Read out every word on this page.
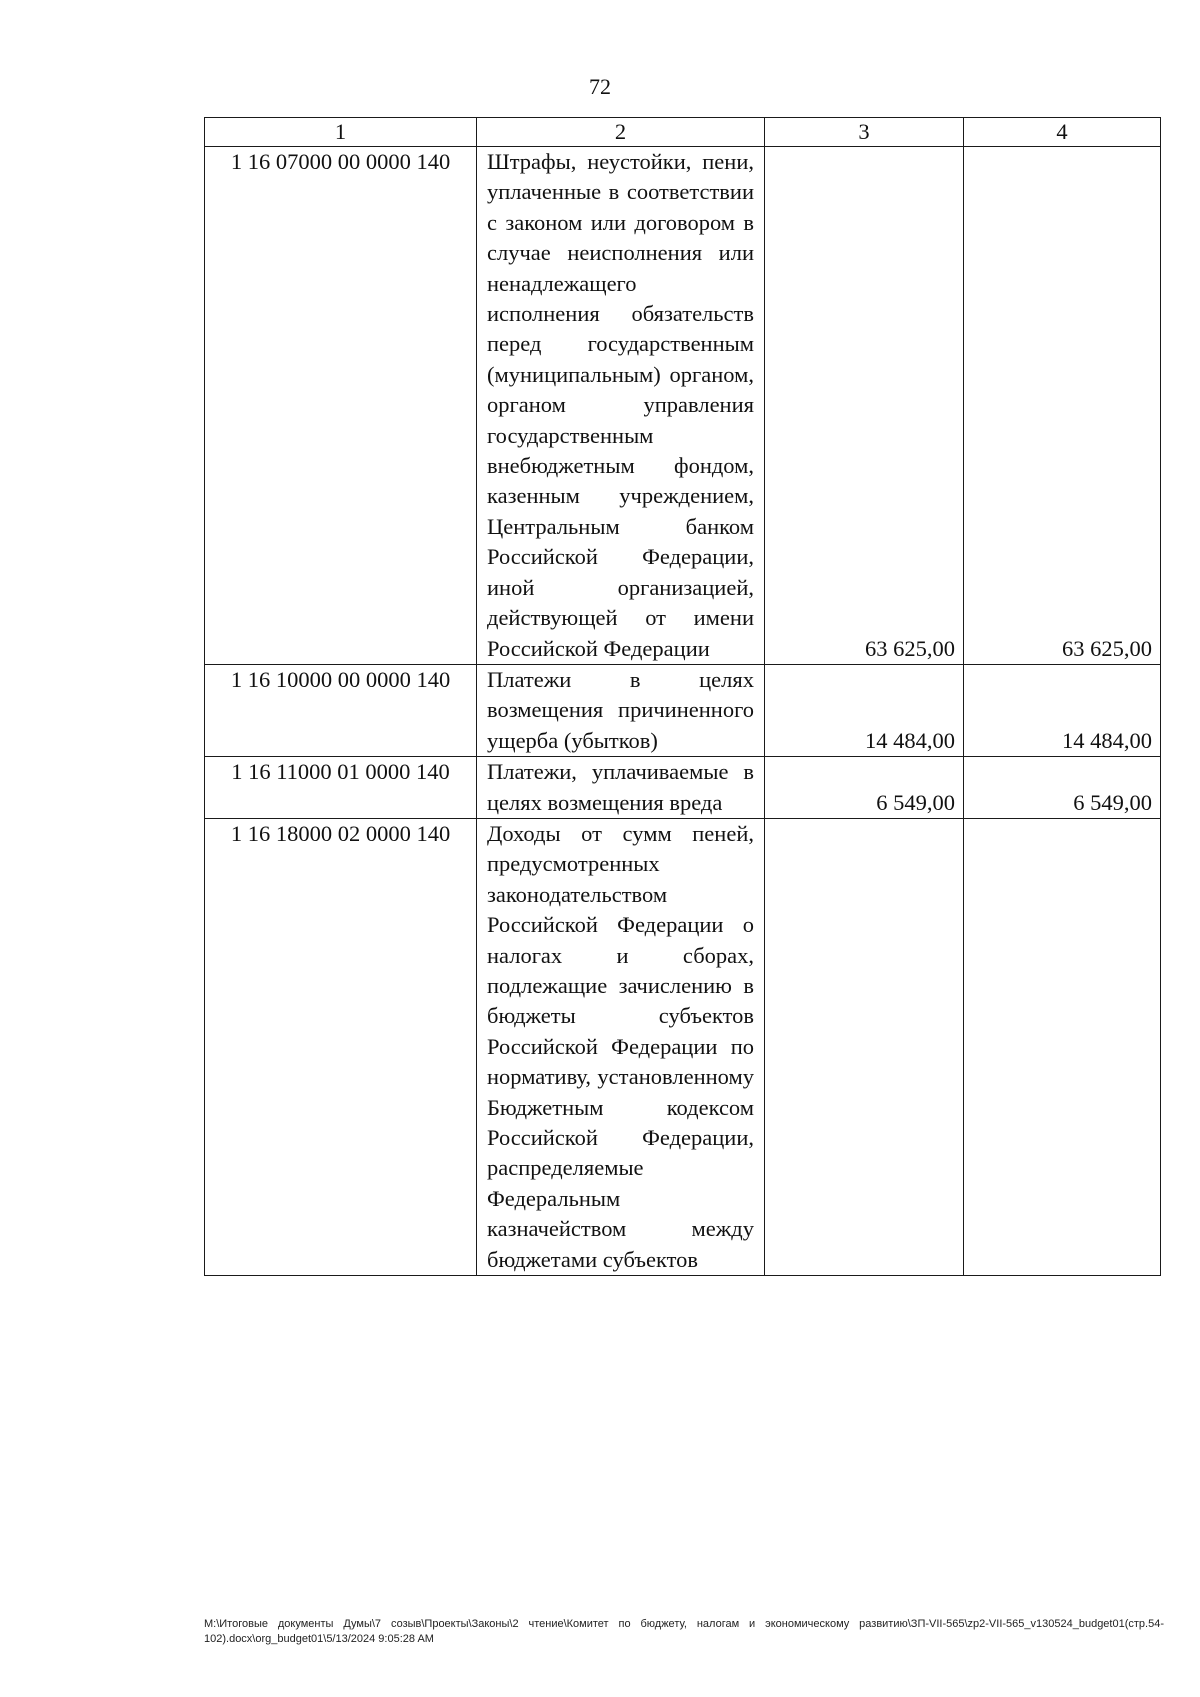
72
1	2	3	4
1 16 07000 00 0000 140	Штрафы, неустойки, пени, уплаченные в соответствии с законом или договором в случае неисполнения или ненадлежащего исполнения обязательств перед государственным (муниципальным) органом, органом управления государственным внебюджетным фондом, казенным учреждением, Центральным банком Российской Федерации, иной организацией, действующей от имени Российской Федерации	63 625,00	63 625,00
1 16 10000 00 0000 140	Платежи в целях возмещения причиненного ущерба (убытков)	14 484,00	14 484,00
1 16 11000 01 0000 140	Платежи, уплачиваемые в целях возмещения вреда	6 549,00	6 549,00
1 16 18000 02 0000 140	Доходы от сумм пеней, предусмотренных законодательством Российской Федерации о налогах и сборах, подлежащие зачислению в бюджеты субъектов Российской Федерации по нормативу, установленному Бюджетным кодексом Российской Федерации, распределяемые Федеральным казначейством между бюджетами субъектов		
M:\Итоговые документы Думы\7 созыв\Проекты\Законы\2 чтение\Комитет по бюджету, налогам и экономическому развитию\ЗП-VII-565\zp2-VII-565_v130524_budget01(стр.54-102).docx\org_budget01\5/13/2024 9:05:28 AM
